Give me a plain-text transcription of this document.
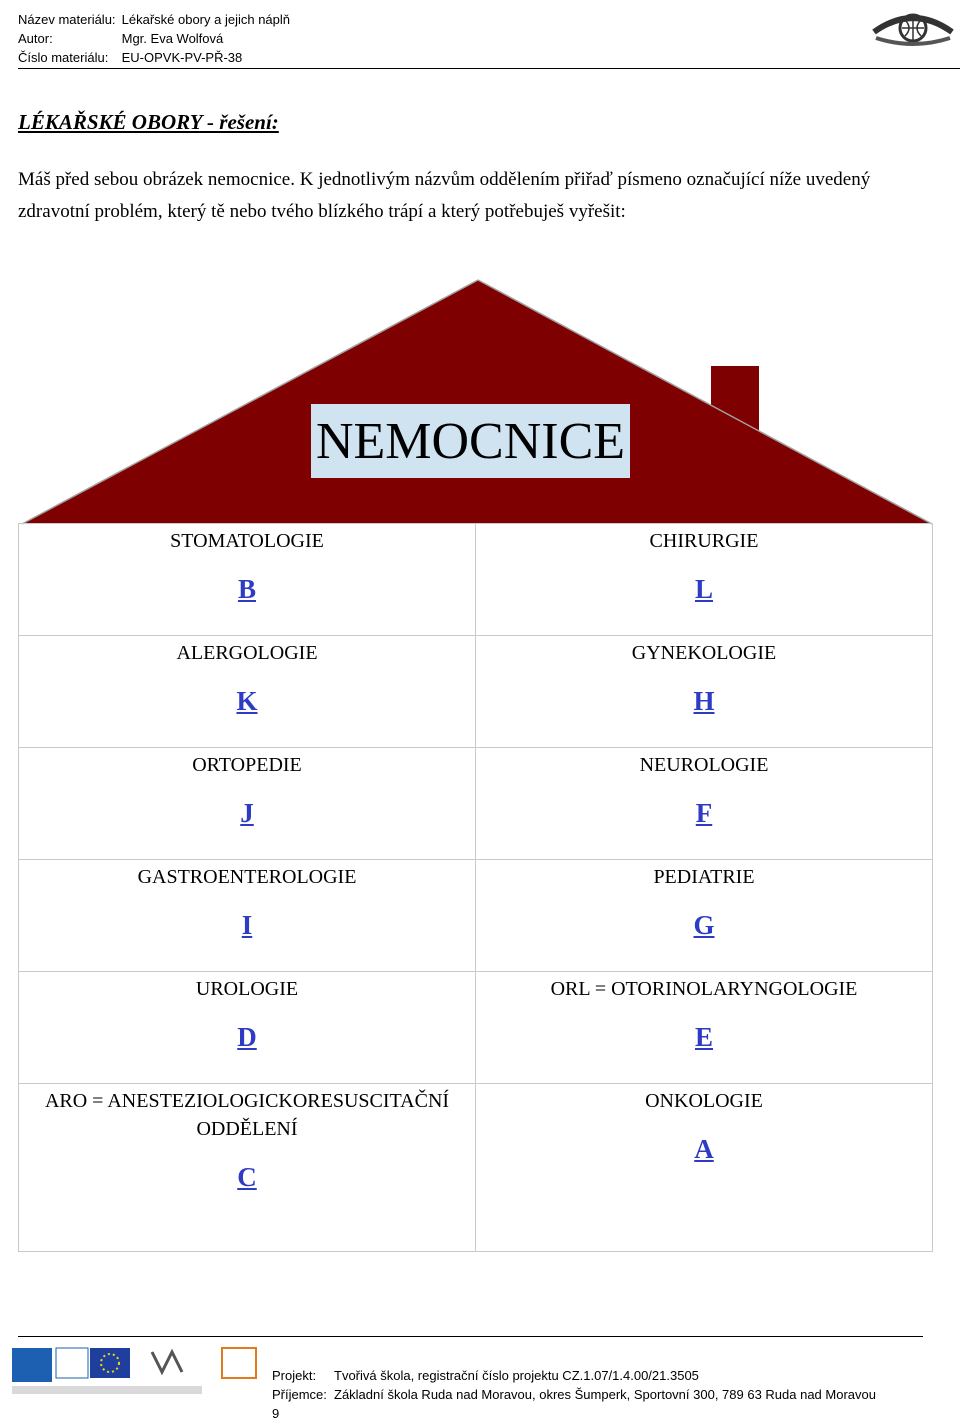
Název materiálu: Lékařské obory a jejich náplň
Autor:	Mgr. Eva Wolfová
Číslo materiálu: EU-OPVK-PV-PŘ-38
LÉKAŘSKÉ OBORY - řešení:
Máš před sebou obrázek nemocnice. K jednotlivým názvům oddělením přiřaď písmeno označující níže uvedený zdravotní problém, který tě nebo tvého blízkého trápí a který potřebuješ vyřešit:
NEMOCNICE
STOMATOLOGIE
B
CHIRURGIE
L
ALERGOLOGIE
K
GYNEKOLOGIE
H
ORTOPEDIE
J
NEUROLOGIE
F
GASTROENTEROLOGIE
I
PEDIATRIE
G
UROLOGIE
D
ORL = OTORINOLARYNGOLOGIE
E
ARO = ANESTEZIOLOGICKORESUSCITAČNÍ ODDĚLENÍ
C
ONKOLOGIE
A
Projekt: Tvořivá škola, registrační číslo projektu CZ.1.07/1.4.00/21.3505
Příjemce: Základní škola Ruda nad Moravou, okres Šumperk, Sportovní 300, 789 63 Ruda nad Moravou
9
